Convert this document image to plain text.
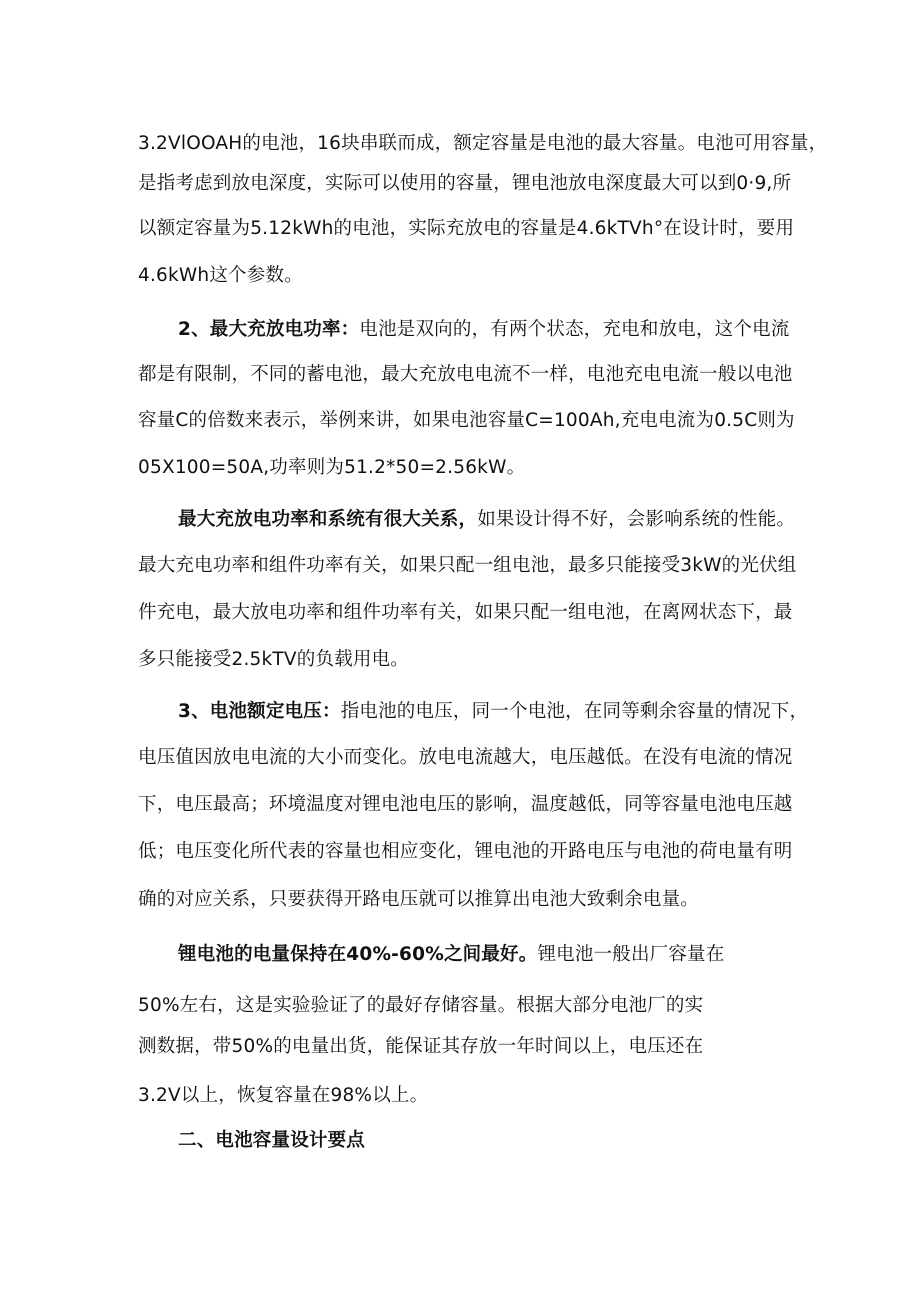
3.2VlOOAH的电池，16块串联而成，额定容量是电池的最大容量。电池可用容量，
是指考虑到放电深度，实际可以使用的容量，锂电池放电深度最大可以到0·9,所
以额定容量为5.12kWh的电池，实际充放电的容量是4.6kTVh°在设计时，要用
4.6kWh这个参数。
2、最大充放电功率：电池是双向的，有两个状态，充电和放电，这个电流
都是有限制，不同的蓄电池，最大充放电电流不一样，电池充电电流一般以电池
容量C的倍数来表示，举例来讲，如果电池容量C=100Ah,充电电流为0.5C则为
05X100=50A,功率则为51.2*50=2.56kW。
最大充放电功率和系统有很大关系，如果设计得不好，会影响系统的性能。
最大充电功率和组件功率有关，如果只配一组电池，最多只能接受3kW的光伏组
件充电，最大放电功率和组件功率有关，如果只配一组电池，在离网状态下，最
多只能接受2.5kTV的负载用电。
3、电池额定电压：指电池的电压，同一个电池，在同等剩余容量的情况下，
电压值因放电电流的大小而变化。放电电流越大，电压越低。在没有电流的情况
下，电压最高；环境温度对锂电池电压的影响，温度越低，同等容量电池电压越
低；电压变化所代表的容量也相应变化，锂电池的开路电压与电池的荷电量有明
确的对应关系，只要获得开路电压就可以推算出电池大致剩余电量。
锂电池的电量保持在40%-60%之间最好。锂电池一般出厂容量在
50%左右，这是实验验证了的最好存储容量。根据大部分电池厂的实
测数据，带50%的电量出货，能保证其存放一年时间以上，电压还在
3.2V以上，恢复容量在98%以上。
二、电池容量设计要点
